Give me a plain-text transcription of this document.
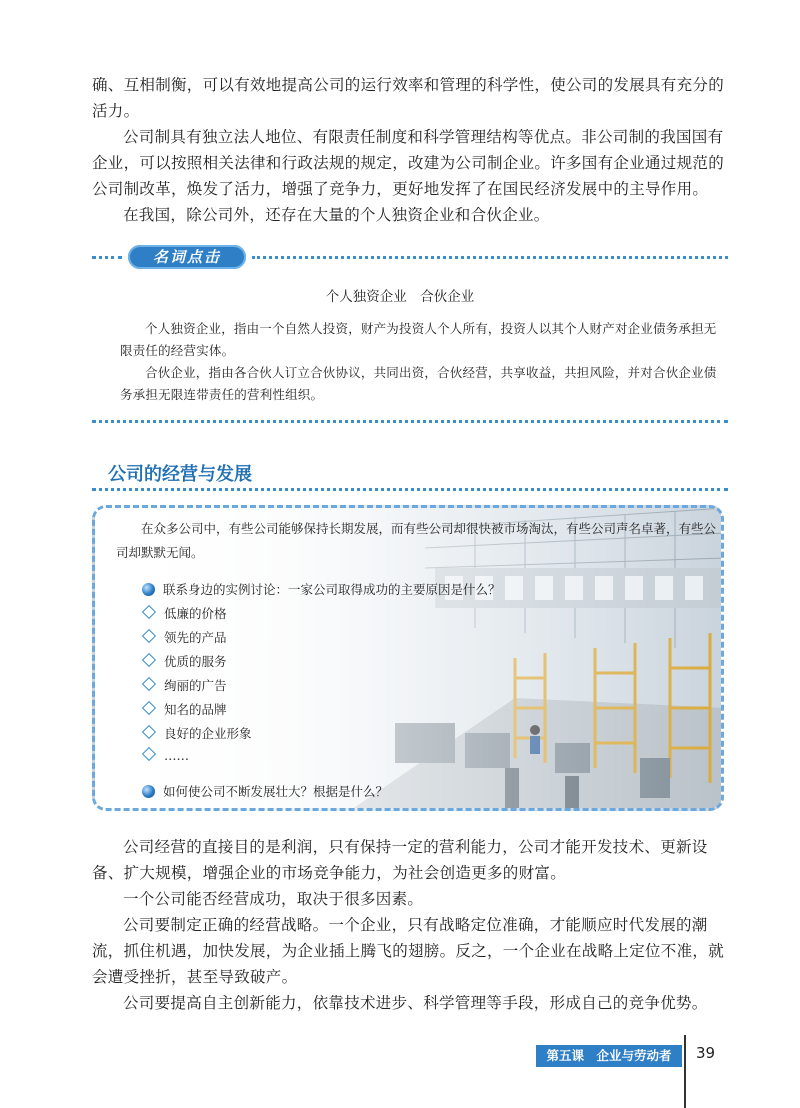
确、互相制衡，可以有效地提高公司的运行效率和管理的科学性，使公司的发展具有充分的活力。

公司制具有独立法人地位、有限责任制度和科学管理结构等优点。非公司制的我国国有企业，可以按照相关法律和行政法规的规定，改建为公司制企业。许多国有企业通过规范的公司制改革，焕发了活力，增强了竞争力，更好地发挥了在国民经济发展中的主导作用。

在我国，除公司外，还存在大量的个人独资企业和合伙企业。

名词点击
个人独资企业　合伙企业

个人独资企业，指由一个自然人投资，财产为投资人个人所有，投资人以其个人财产对企业债务承担无限责任的经营实体。

合伙企业，指由各合伙人订立合伙协议，共同出资，合伙经营，共享收益，共担风险，并对合伙企业债务承担无限连带责任的营利性组织。

公司的经营与发展

在众多公司中，有些公司能够保持长期发展，而有些公司却很快被市场淘汰，有些公司声名卓著，有些公司却默默无闻。

联系身边的实例讨论：一家公司取得成功的主要原因是什么？
低廉的价格
领先的产品
优质的服务
绚丽的广告
知名的品牌
良好的企业形象
……
如何使公司不断发展壮大？根据是什么？

公司经营的直接目的是利润，只有保持一定的营利能力，公司才能开发技术、更新设备、扩大规模，增强企业的市场竞争能力，为社会创造更多的财富。

一个公司能否经营成功，取决于很多因素。

公司要制定正确的经营战略。一个企业，只有战略定位准确，才能顺应时代发展的潮流，抓住机遇，加快发展，为企业插上腾飞的翅膀。反之，一个企业在战略上定位不准，就会遭受挫折，甚至导致破产。

公司要提高自主创新能力，依靠技术进步、科学管理等手段，形成自己的竞争优势。

第五课　企业与劳动者	39
